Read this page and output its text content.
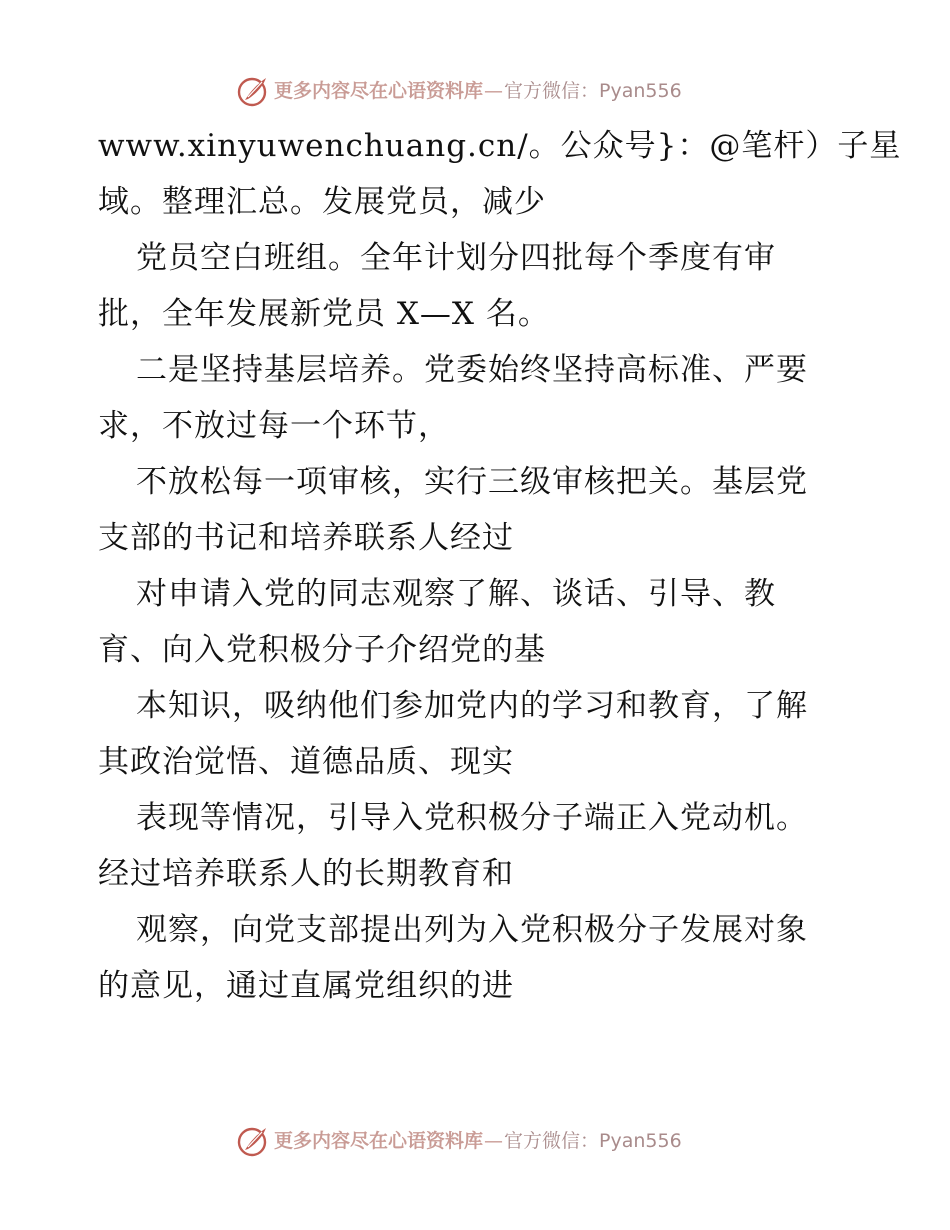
更多内容尽在心语资料库 — 官方微信： Pyan556

www.xinyuwenchuang.cn/。公众号}：@笔杆）子星

域。整理汇总。发展党员，减少

党员空白班组。全年计划分四批每个季度有审

批，全年发展新党员 X—X 名。

二是坚持基层培养。党委始终坚持高标准、严要

求，不放过每一个环节，

不放松每一项审核，实行三级审核把关。基层党

支部的书记和培养联系人经过

对申请入党的同志观察了解、谈话、引导、教

育、向入党积极分子介绍党的基

本知识，吸纳他们参加党内的学习和教育，了解

其政治觉悟、道德品质、现实

表现等情况，引导入党积极分子端正入党动机。

经过培养联系人的长期教育和

观察，向党支部提出列为入党积极分子发展对象

的意见，通过直属党组织的进

更多内容尽在心语资料库 — 官方微信： Pyan556
